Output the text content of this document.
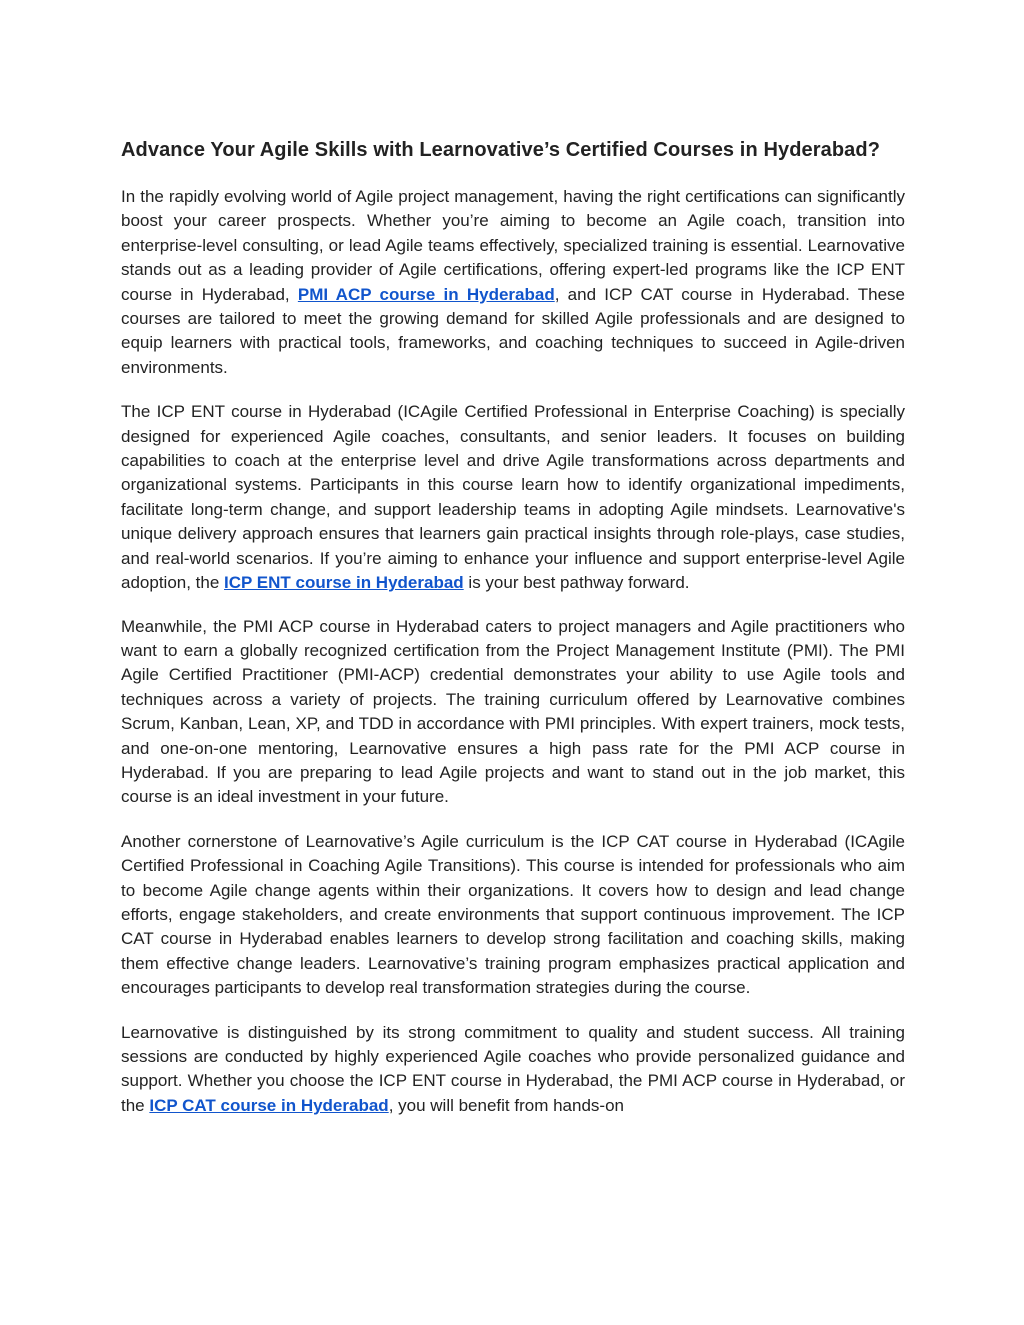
Advance Your Agile Skills with Learnovative’s Certified Courses in Hyderabad?

In the rapidly evolving world of Agile project management, having the right certifications can significantly boost your career prospects. Whether you’re aiming to become an Agile coach, transition into enterprise-level consulting, or lead Agile teams effectively, specialized training is essential. Learnovative stands out as a leading provider of Agile certifications, offering expert-led programs like the ICP ENT course in Hyderabad, PMI ACP course in Hyderabad, and ICP CAT course in Hyderabad. These courses are tailored to meet the growing demand for skilled Agile professionals and are designed to equip learners with practical tools, frameworks, and coaching techniques to succeed in Agile-driven environments.

The ICP ENT course in Hyderabad (ICAgile Certified Professional in Enterprise Coaching) is specially designed for experienced Agile coaches, consultants, and senior leaders. It focuses on building capabilities to coach at the enterprise level and drive Agile transformations across departments and organizational systems. Participants in this course learn how to identify organizational impediments, facilitate long-term change, and support leadership teams in adopting Agile mindsets. Learnovative's unique delivery approach ensures that learners gain practical insights through role-plays, case studies, and real-world scenarios. If you’re aiming to enhance your influence and support enterprise-level Agile adoption, the ICP ENT course in Hyderabad is your best pathway forward.

Meanwhile, the PMI ACP course in Hyderabad caters to project managers and Agile practitioners who want to earn a globally recognized certification from the Project Management Institute (PMI). The PMI Agile Certified Practitioner (PMI-ACP) credential demonstrates your ability to use Agile tools and techniques across a variety of projects. The training curriculum offered by Learnovative combines Scrum, Kanban, Lean, XP, and TDD in accordance with PMI principles. With expert trainers, mock tests, and one-on-one mentoring, Learnovative ensures a high pass rate for the PMI ACP course in Hyderabad. If you are preparing to lead Agile projects and want to stand out in the job market, this course is an ideal investment in your future.

Another cornerstone of Learnovative’s Agile curriculum is the ICP CAT course in Hyderabad (ICAgile Certified Professional in Coaching Agile Transitions). This course is intended for professionals who aim to become Agile change agents within their organizations. It covers how to design and lead change efforts, engage stakeholders, and create environments that support continuous improvement. The ICP CAT course in Hyderabad enables learners to develop strong facilitation and coaching skills, making them effective change leaders. Learnovative’s training program emphasizes practical application and encourages participants to develop real transformation strategies during the course.

Learnovative is distinguished by its strong commitment to quality and student success. All training sessions are conducted by highly experienced Agile coaches who provide personalized guidance and support. Whether you choose the ICP ENT course in Hyderabad, the PMI ACP course in Hyderabad, or the ICP CAT course in Hyderabad, you will benefit from hands-on
